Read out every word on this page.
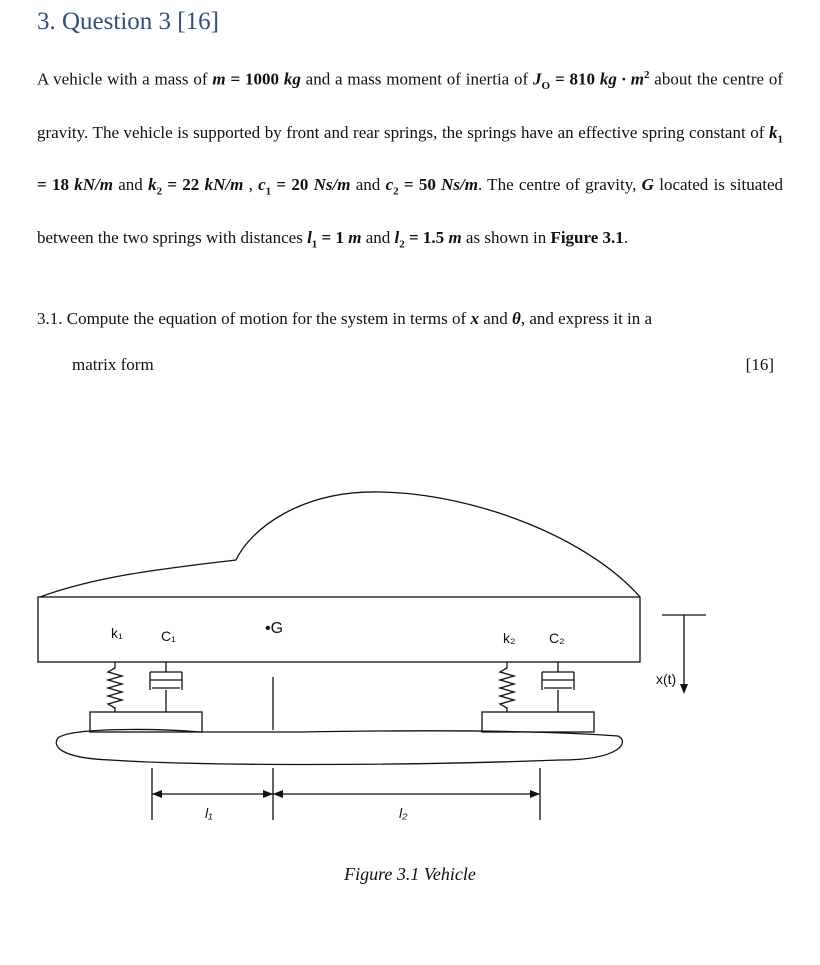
3. Question 3 [16]

A vehicle with a mass of m = 1000 kg and a mass moment of inertia of $J_O = 810$ kg · $m^2$ about the centre of gravity. The vehicle is supported by front and rear springs, the springs have an effective spring constant of $k_1 = 18$ kN/m and $k_2 = 22$ kN/m , $c_1 = 20$ Ns/m and $c_2 = 50$ Ns/m. The centre of gravity, G located is situated between the two springs with distances $l_1 = 1$ m and $l_2 = 1.5$ m as shown in Figure 3.1.

3.1. Compute the equation of motion for the system in terms of x and θ, and express it in a

matrix form	[16]
k₁	C₁	•G
k₂ C₂
x(t)
l₁	l₂
Figure 3.1 Vehicle
